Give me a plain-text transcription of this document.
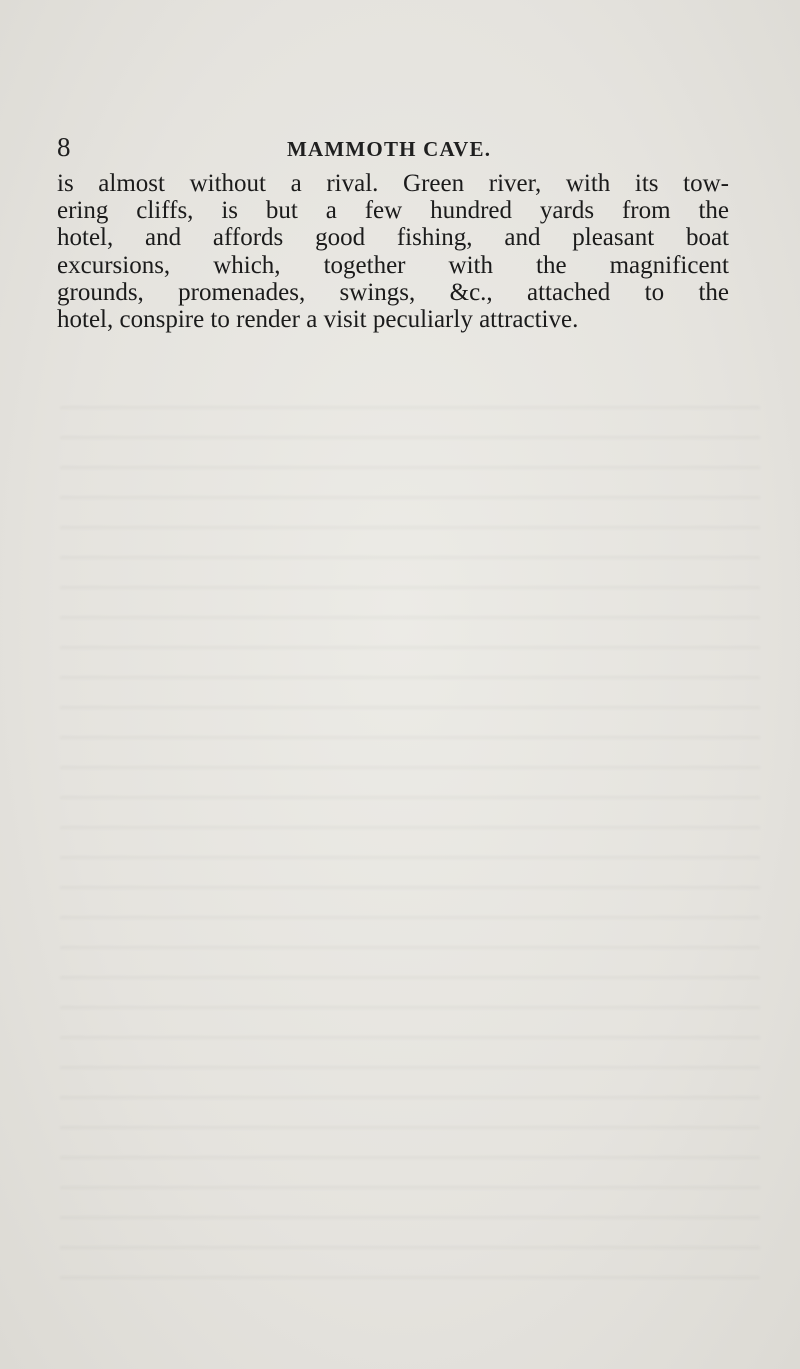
8	MAMMOTH CAVE.

is almost without a rival. Green river, with its tow-
ering cliffs, is but a few hundred yards from the
hotel, and affords good fishing, and pleasant boat
excursions, which, together with the magnificent
grounds, promenades, swings, &c., attached to the
hotel, conspire to render a visit peculiarly attractive.
